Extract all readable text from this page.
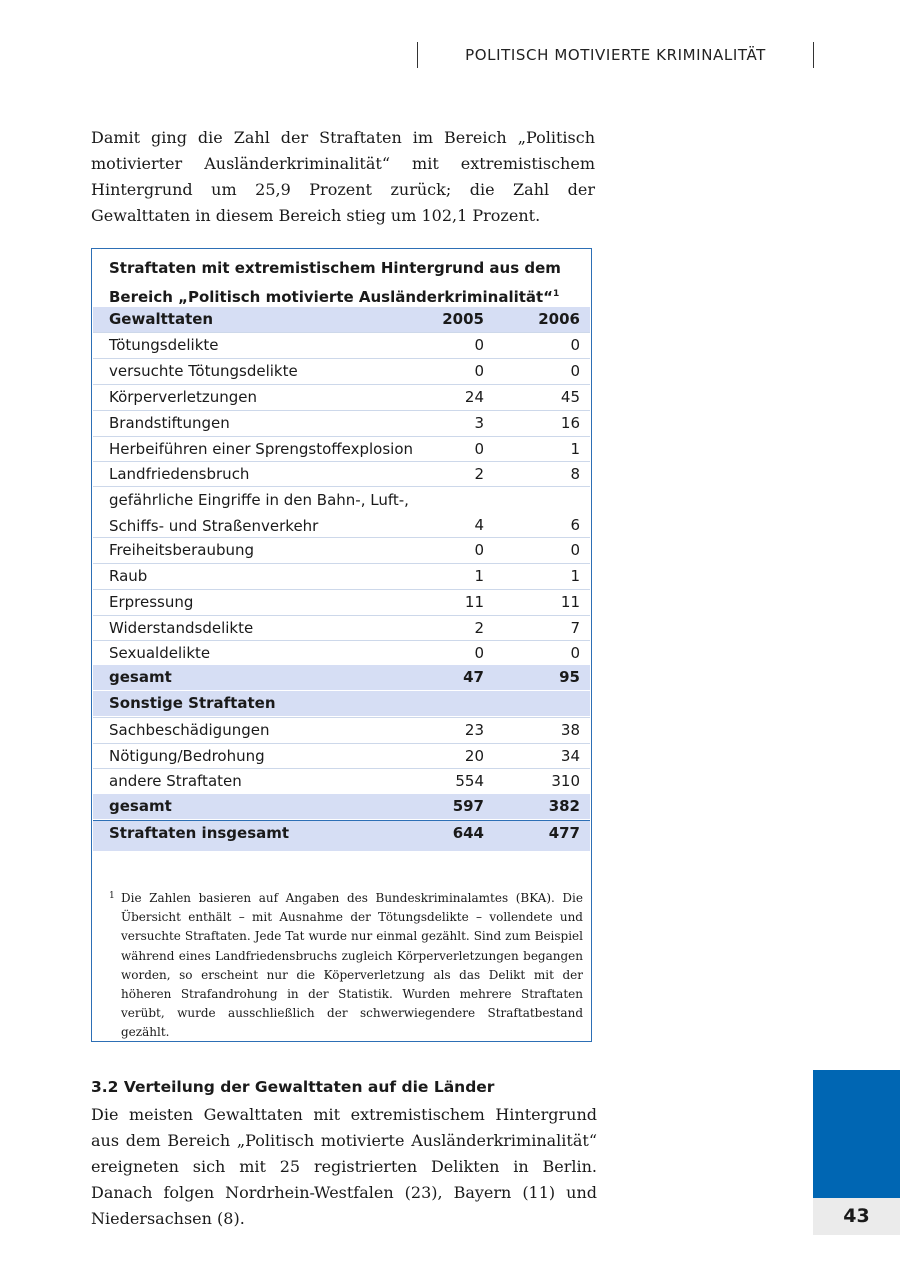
POLITISCH MOTIVIERTE KRIMINALITÄT

Damit ging die Zahl der Straftaten im Bereich „Politisch motivierter Ausländerkriminalität“ mit extremistischem Hintergrund um 25,9 Prozent zurück; die Zahl der Gewalttaten in diesem Bereich stieg um 102,1 Prozent.

Straftaten mit extremistischem Hintergrund aus dem Bereich „Politisch motivierte Ausländerkriminalität“$^1$

Gewalttaten	2005	2006
Tötungsdelikte	0	0
versuchte Tötungsdelikte	0	0
Körperverletzungen	24	45
Brandstiftungen	3	16
Herbeiführen einer Sprengstoffexplosion	0	1
Landfriedensbruch	2	8
gefährliche Eingriffe in den Bahn-, Luft-,
Schiffs- und Straßenverkehr	4	6
Freiheitsberaubung	0	0
Raub	1	1
Erpressung	11	11
Widerstandsdelikte	2	7
Sexualdelikte	0	0
gesamt	47	95
Sonstige Straftaten
Sachbeschädigungen	23	38
Nötigung/Bedrohung	20	34
andere Straftaten	554	310
gesamt	597	382
Straftaten insgesamt	644	477
1 Die Zahlen basieren auf Angaben des Bundeskriminalamtes (BKA). Die Übersicht enthält – mit Ausnahme der Tötungsdelikte – vollendete und versuchte Straftaten. Jede Tat wurde nur einmal gezählt. Sind zum Beispiel während eines Landfriedensbruchs zugleich Körperverletzungen begangen worden, so erscheint nur die Köperverletzung als das Delikt mit der höheren Strafandrohung in der Statistik. Wurden mehrere Straftaten verübt, wurde ausschließlich der schwerwiegendere Straftatbestand gezählt.
3.2 Verteilung der Gewalttaten auf die Länder

Die meisten Gewalttaten mit extremistischem Hintergrund aus dem Bereich „Politisch motivierte Ausländerkriminalität“ ereigneten sich mit 25 registrierten Delikten in Berlin. Danach folgen Nordrhein-Westfalen (23), Bayern (11) und Niedersachsen (8).	43
